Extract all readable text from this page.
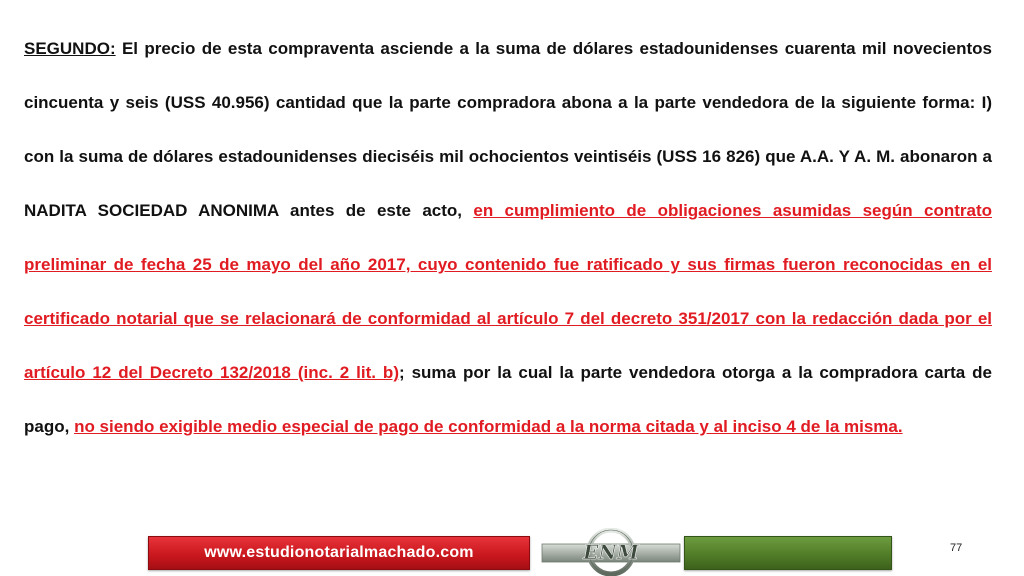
SEGUNDO: El precio de esta compraventa asciende a la suma de dólares estadounidenses cuarenta mil novecientos cincuenta y seis (USS 40.956) cantidad que la parte compradora abona a la parte vendedora de la siguiente forma: I) con la suma de dólares estadounidenses dieciséis mil ochocientos veintiséis (USS 16 826) que A.A. Y A. M. abonaron a NADITA SOCIEDAD ANONIMA antes de este acto, en cumplimiento de obligaciones asumidas según contrato preliminar de fecha 25 de mayo del año 2017, cuyo contenido fue ratificado y sus firmas fueron reconocidas en el certificado notarial que se relacionará de conformidad al artículo 7 del decreto 351/2017 con la redacción dada por el artículo 12 del Decreto 132/2018 (inc. 2 lit. b); suma por la cual la parte vendedora otorga a la compradora carta de pago, no siendo exigible medio especial de pago de conformidad a la norma citada y al inciso 4 de la misma.
www.estudionotarialmachado.com	ENM	77
